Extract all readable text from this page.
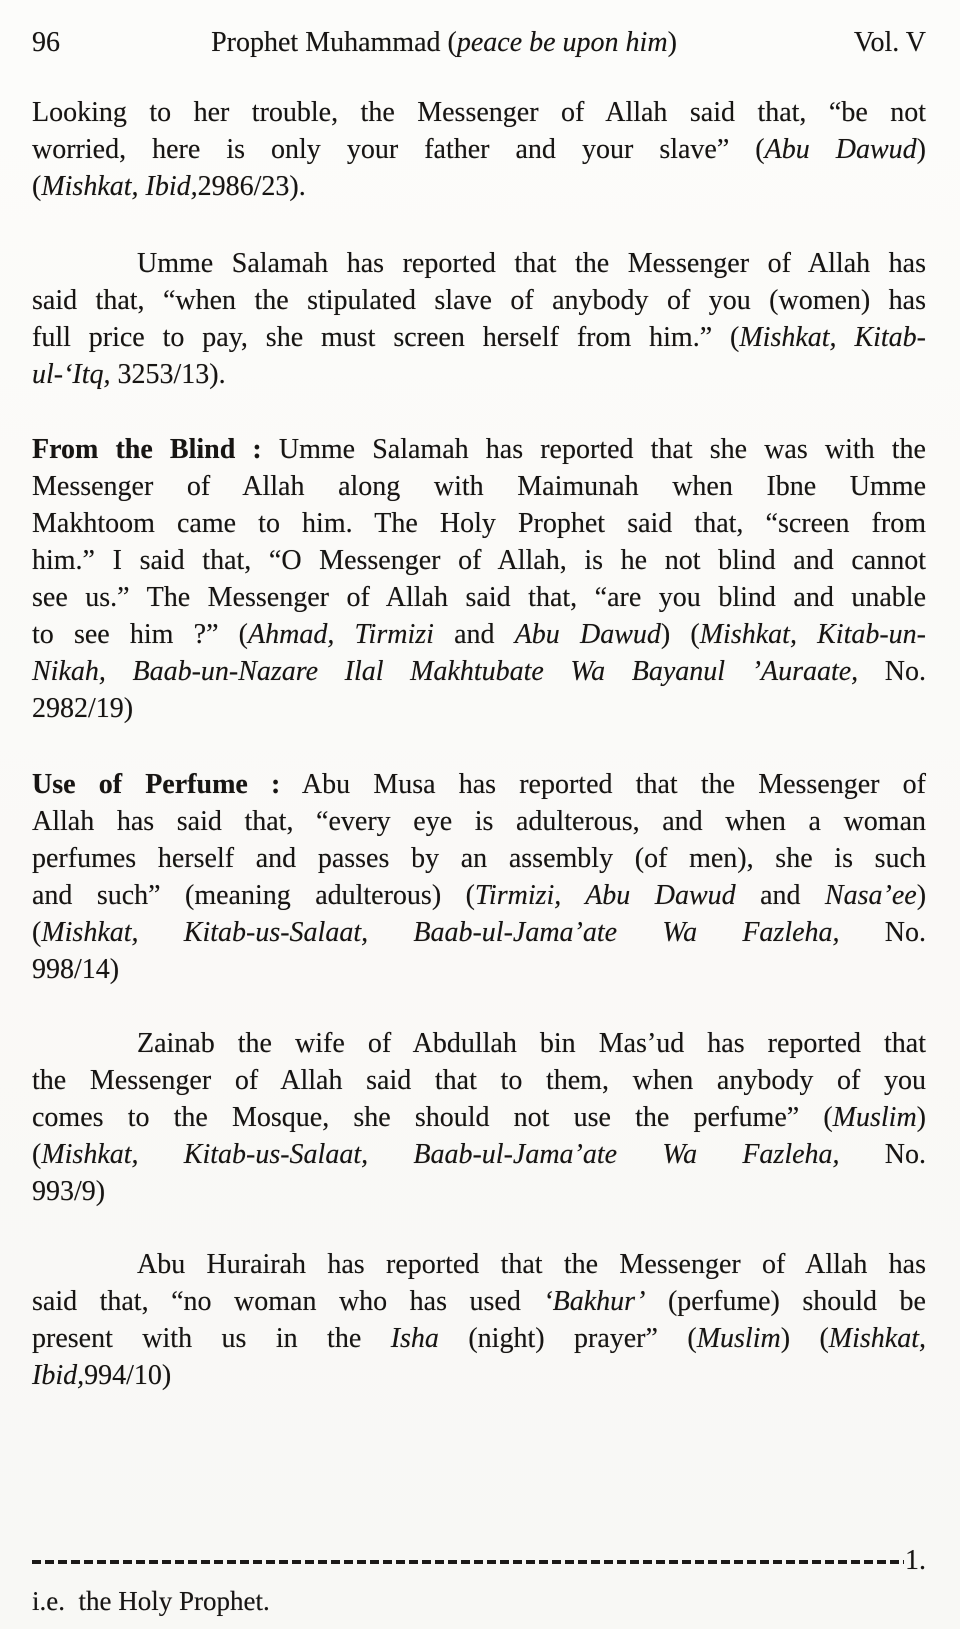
96	Prophet Muhammad (peace be upon him)	Vol. V
Looking to her trouble, the Messenger of Allah said that, “be not
worried, here is only your father and your slave” (Abu Dawud)
(Mishkat, Ibid,2986/23).
Umme Salamah has reported that the Messenger of Allah has
said that, “when the stipulated slave of anybody of you (women) has
full price to pay, she must screen herself from him.” (Mishkat, Kitab-
ul-‘Itq, 3253/13).
From the Blind : Umme Salamah has reported that she was with the
Messenger of Allah along with Maimunah when Ibne Umme
Makhtoom came to him. The Holy Prophet said that, “screen from
him.” I said that, “O Messenger of Allah, is he not blind and cannot
see us.” The Messenger of Allah said that, “are you blind and unable
to see him ?” (Ahmad, Tirmizi and Abu Dawud) (Mishkat, Kitab-un-
Nikah, Baab-un-Nazare Ilal Makhtubate Wa Bayanul ’Auraate, No.
2982/19)
Use of Perfume : Abu Musa has reported that the Messenger of
Allah has said that, “every eye is adulterous, and when a woman
perfumes herself and passes by an assembly (of men), she is such
and such” (meaning adulterous) (Tirmizi, Abu Dawud and Nasa’ee)
(Mishkat, Kitab-us-Salaat, Baab-ul-Jama’ate Wa Fazleha, No.
998/14)
Zainab the wife of Abdullah bin Mas’ud has reported that
the Messenger of Allah said that to them, when anybody of you
comes to the Mosque, she should not use the perfume” (Muslim)
(Mishkat, Kitab-us-Salaat, Baab-ul-Jama’ate Wa Fazleha, No.
993/9)
Abu Hurairah has reported that the Messenger of Allah has
said that, “no woman who has used ‘Bakhur’ (perfume) should be
present with us in the Isha (night) prayer” (Muslim) (Mishkat,
Ibid,994/10)
1.
i.e.  the Holy Prophet.
